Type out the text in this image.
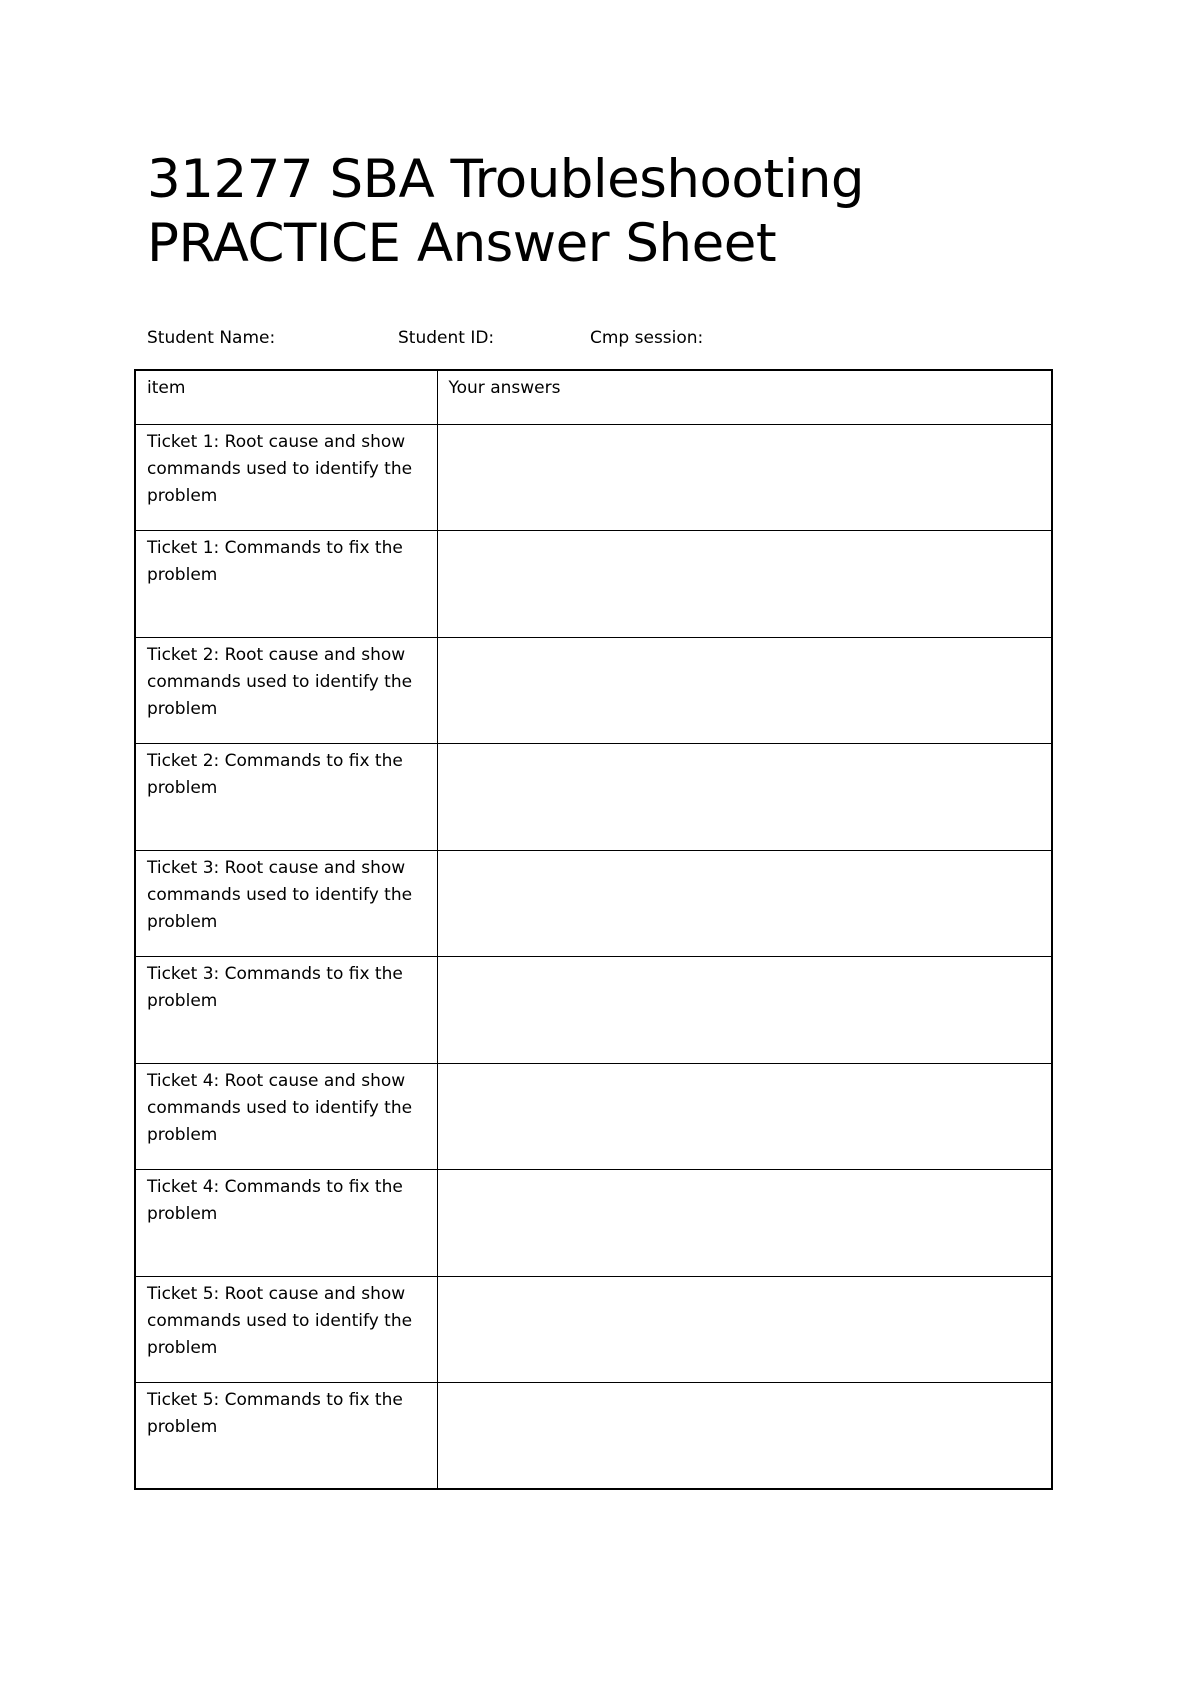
31277 SBA Troubleshooting
PRACTICE Answer Sheet
Student Name:	Student ID:	Cmp session:
item	Your answers
Ticket 1: Root cause and show commands used to identify the problem	

Ticket 1: Commands to fix the problem	

Ticket 2: Root cause and show commands used to identify the problem	

Ticket 2: Commands to fix the problem	

Ticket 3: Root cause and show commands used to identify the problem	

Ticket 3: Commands to fix the problem	

Ticket 4: Root cause and show commands used to identify the problem	

Ticket 4: Commands to fix the problem	

Ticket 5: Root cause and show commands used to identify the problem	

Ticket 5: Commands to fix the problem	
